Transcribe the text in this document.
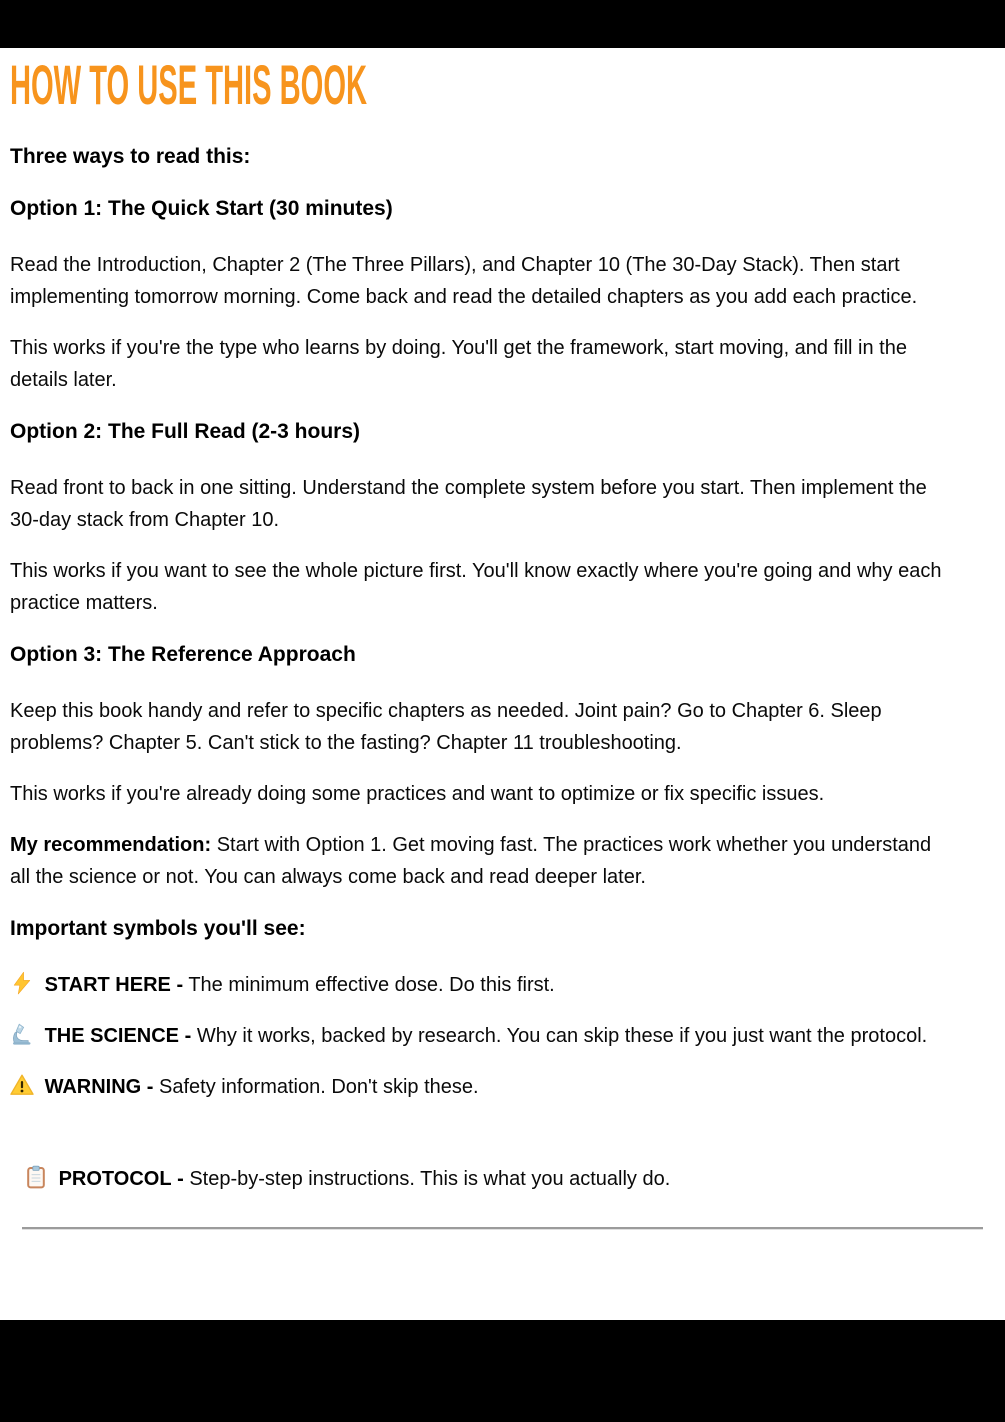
HOW TO USE THIS BOOK
Three ways to read this:
Option 1: The Quick Start (30 minutes)

Read the Introduction, Chapter 2 (The Three Pillars), and Chapter 10 (The 30-Day Stack). Then start implementing tomorrow morning. Come back and read the detailed chapters as you add each practice.

This works if you're the type who learns by doing. You'll get the framework, start moving, and fill in the details later.

Option 2: The Full Read (2-3 hours)

Read front to back in one sitting. Understand the complete system before you start. Then implement the 30-day stack from Chapter 10.

This works if you want to see the whole picture first. You'll know exactly where you're going and why each practice matters.

Option 3: The Reference Approach

Keep this book handy and refer to specific chapters as needed. Joint pain? Go to Chapter 6. Sleep problems? Chapter 5. Can't stick to the fasting? Chapter 11 troubleshooting.

This works if you're already doing some practices and want to optimize or fix specific issues.

My recommendation: Start with Option 1. Get moving fast. The practices work whether you understand all the science or not. You can always come back and read deeper later.

Important symbols you'll see:

START HERE - The minimum effective dose. Do this first.

THE SCIENCE - Why it works, backed by research. You can skip these if you just want the protocol.

WARNING - Safety information. Don't skip these.

PROTOCOL - Step-by-step instructions. This is what you actually do.
